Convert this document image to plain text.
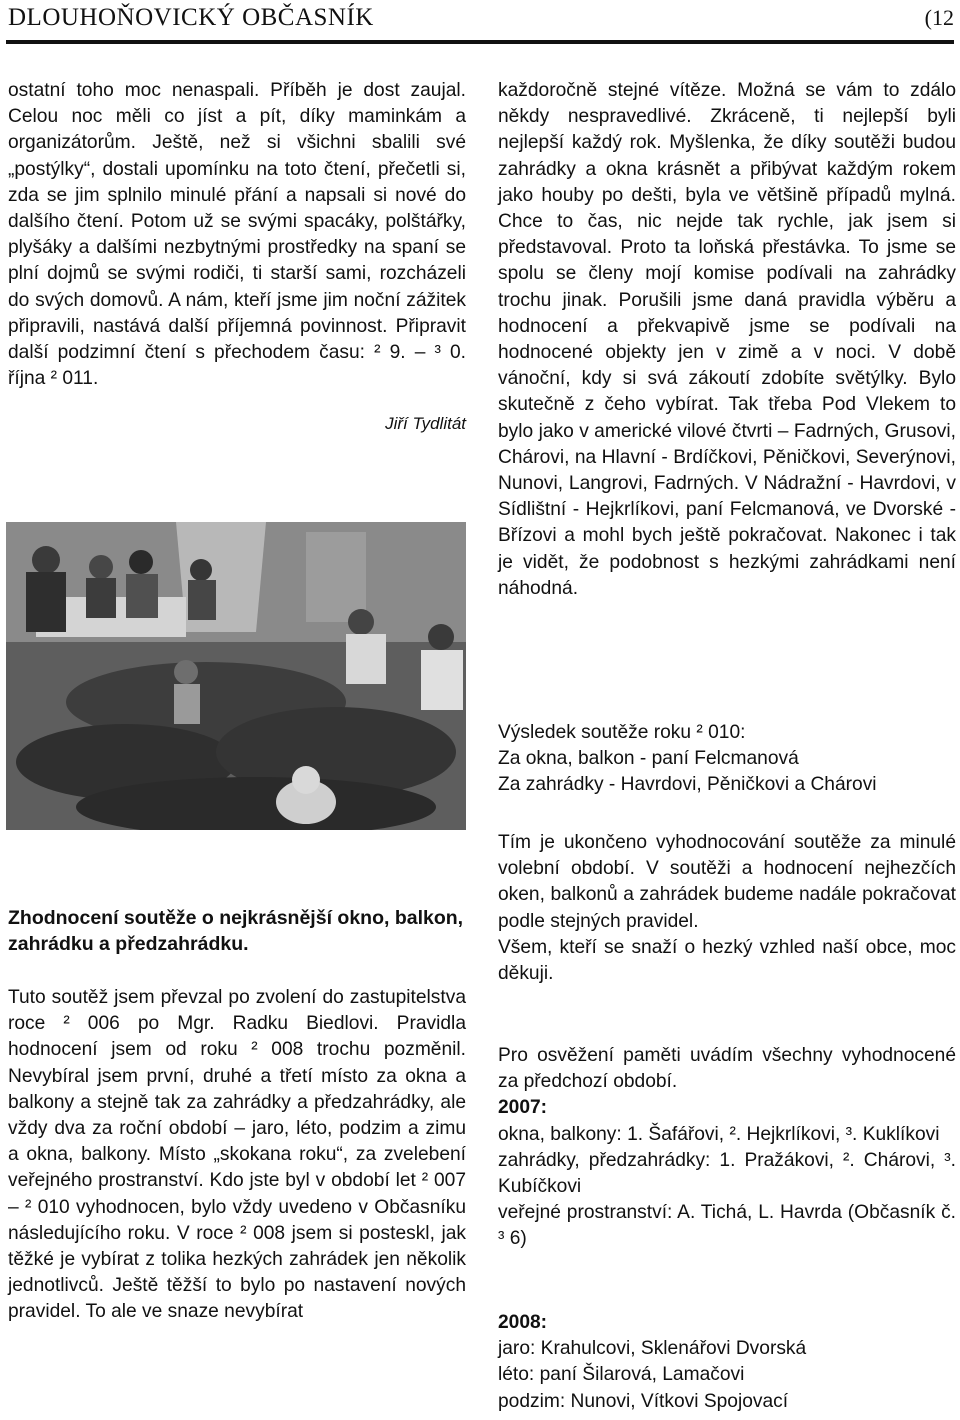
DLOUHOŇOVICKÝ OBČASNÍK	(12

ostatní toho moc nenaspali. Příběh je dost zaujal. Celou noc měli co jíst a pít, díky maminkám a organizátorům. Ještě, než si všichni sbalili své „postýlky“, dostali upomínku na toto čtení, přečetli si, zda se jim splnilo minulé přání a napsali si nové do dalšího čtení. Potom už se svými spacáky, polštářky, plyšáky a dalšími nezbytnými prostředky na spaní se plní dojmů se svými rodiči, ti starší sami, rozcházeli do svých domovů. A nám, kteří jsme jim noční zážitek připravili, nastává další příjemná povinnost. Připravit další podzimní čtení s přechodem času: ² 9. – ³ 0. října ² 011.

Jiří Tydlitát
Zhodnocení soutěže o nejkrásnější okno, balkon, zahrádku a předzahrádku.

Tuto soutěž jsem převzal po zvolení do zastupitelstva roce ² 006 po Mgr. Radku Biedlovi. Pravidla hodnocení jsem od roku ² 008 trochu pozměnil. Nevybíral jsem první, druhé a třetí místo za okna a balkony a stejně tak za zahrádky a předzahrádky, ale vždy dva za roční období – jaro, léto, podzim a zimu a okna, balkony. Místo „skokana roku“, za zvelebení veřejného prostranství. Kdo jste byl v období let ² 007 – ² 010 vyhodnocen, bylo vždy uvedeno v Občasníku následujícího roku. V roce ² 008 jsem si posteskl, jak těžké je vybírat z tolika hezkých zahrádek jen několik jednotlivců. Ještě těžší to bylo po nastavení nových pravidel. To ale ve snaze nevybírat

každoročně stejné vítěze. Možná se vám to zdálo někdy nespravedlivé. Zkráceně, ti nejlepší byli nejlepší každý rok. Myšlenka, že díky soutěži budou zahrádky a okna krásnět a přibývat každým rokem jako houby po dešti, byla ve většině případů mylná. Chce to čas, nic nejde tak rychle, jak jsem si představoval. Proto ta loňská přestávka. To jsme se spolu se členy mojí komise podívali na zahrádky trochu jinak. Porušili jsme daná pravidla výběru a hodnocení a překvapivě jsme se podívali na hodnocené objekty jen v zimě a v noci. V době vánoční, kdy si svá zákoutí zdobíte světýlky. Bylo skutečně z čeho vybírat. Tak třeba Pod Vlekem to bylo jako v americké vilové čtvrti – Fadrných, Grusovi, Chárovi, na Hlavní - Brdíčkovi, Pěničkovi, Severýnovi, Nunovi, Langrovi, Fadrných. V Nádražní - Havrdovi, v Sídlištní - Hejkrlíkovi, paní Felcmanová, ve Dvorské - Břízovi a mohl bych ještě pokračovat. Nakonec i tak je vidět, že podobnost s hezkými zahrádkami není náhodná.

Výsledek soutěže roku ² 010:

Za okna, balkon - paní Felcmanová

Za zahrádky - Havrdovi, Pěničkovi a Chárovi

Tím je ukončeno vyhodnocování soutěže za minulé volební období. V soutěži a hodnocení nejhezčích oken, balkonů a zahrádek budeme nadále pokračovat podle stejných pravidel.

Všem, kteří se snaží o hezký vzhled naší obce, moc děkuji.

Pro osvěžení paměti uvádím všechny vyhodnocené za předchozí období.

2007:

okna, balkony: 1. Šafářovi, ². Hejkrlíkovi, ³. Kuklíkovi

zahrádky, předzahrádky: 1. Pražákovi, ². Chárovi, ³. Kubíčkovi

veřejné prostranství: A. Tichá, L. Havrda (Občasník č. ³ 6)

2008:

jaro: Krahulcovi, Sklenářovi Dvorská

léto: paní Šilarová, Lamačovi

podzim: Nunovi, Vítkovi Spojovací
